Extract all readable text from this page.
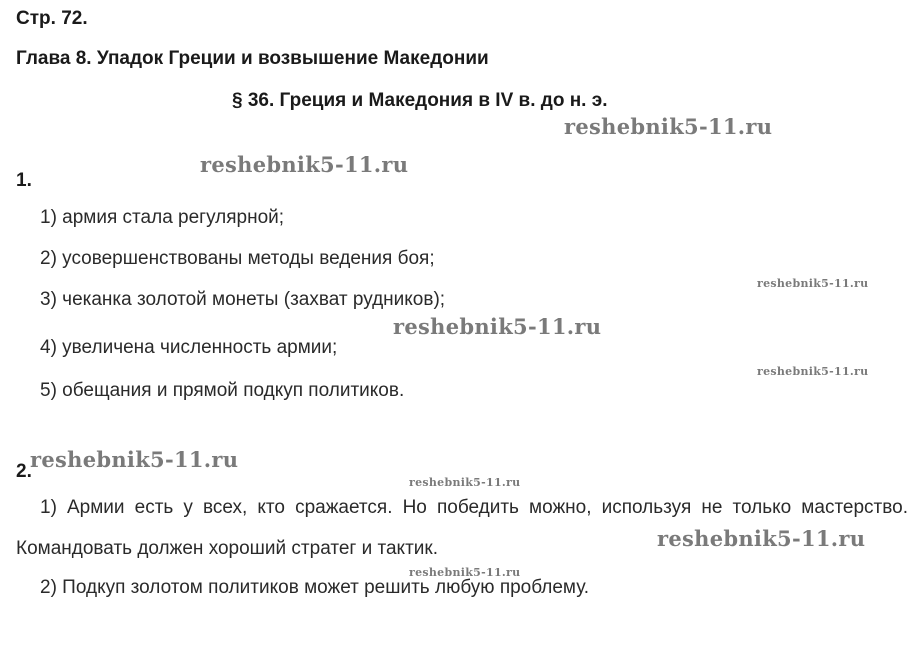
Стр. 72.
Глава 8. Упадок Греции и возвышение Македонии
§ 36. Греция и Македония в IV в. до н. э.
1.
1) армия стала регулярной;
2) усовершенствованы методы ведения боя;
3) чеканка золотой монеты (захват рудников);
4) увеличена численность армии;
5) обещания и прямой подкуп политиков.
2.
1) Армии есть у всех, кто сражается. Но победить можно, используя не только мастерство. Командовать должен хороший стратег и тактик.
2) Подкуп золотом политиков может решить любую проблему.
reshebnik5-11.ru
reshebnik5-11.ru
reshebnik5-11.ru
reshebnik5-11.ru
reshebnik5-11.ru
reshebnik5-11.ru
reshebnik5-11.ru
reshebnik5-11.ru
reshebnik5-11.ru
